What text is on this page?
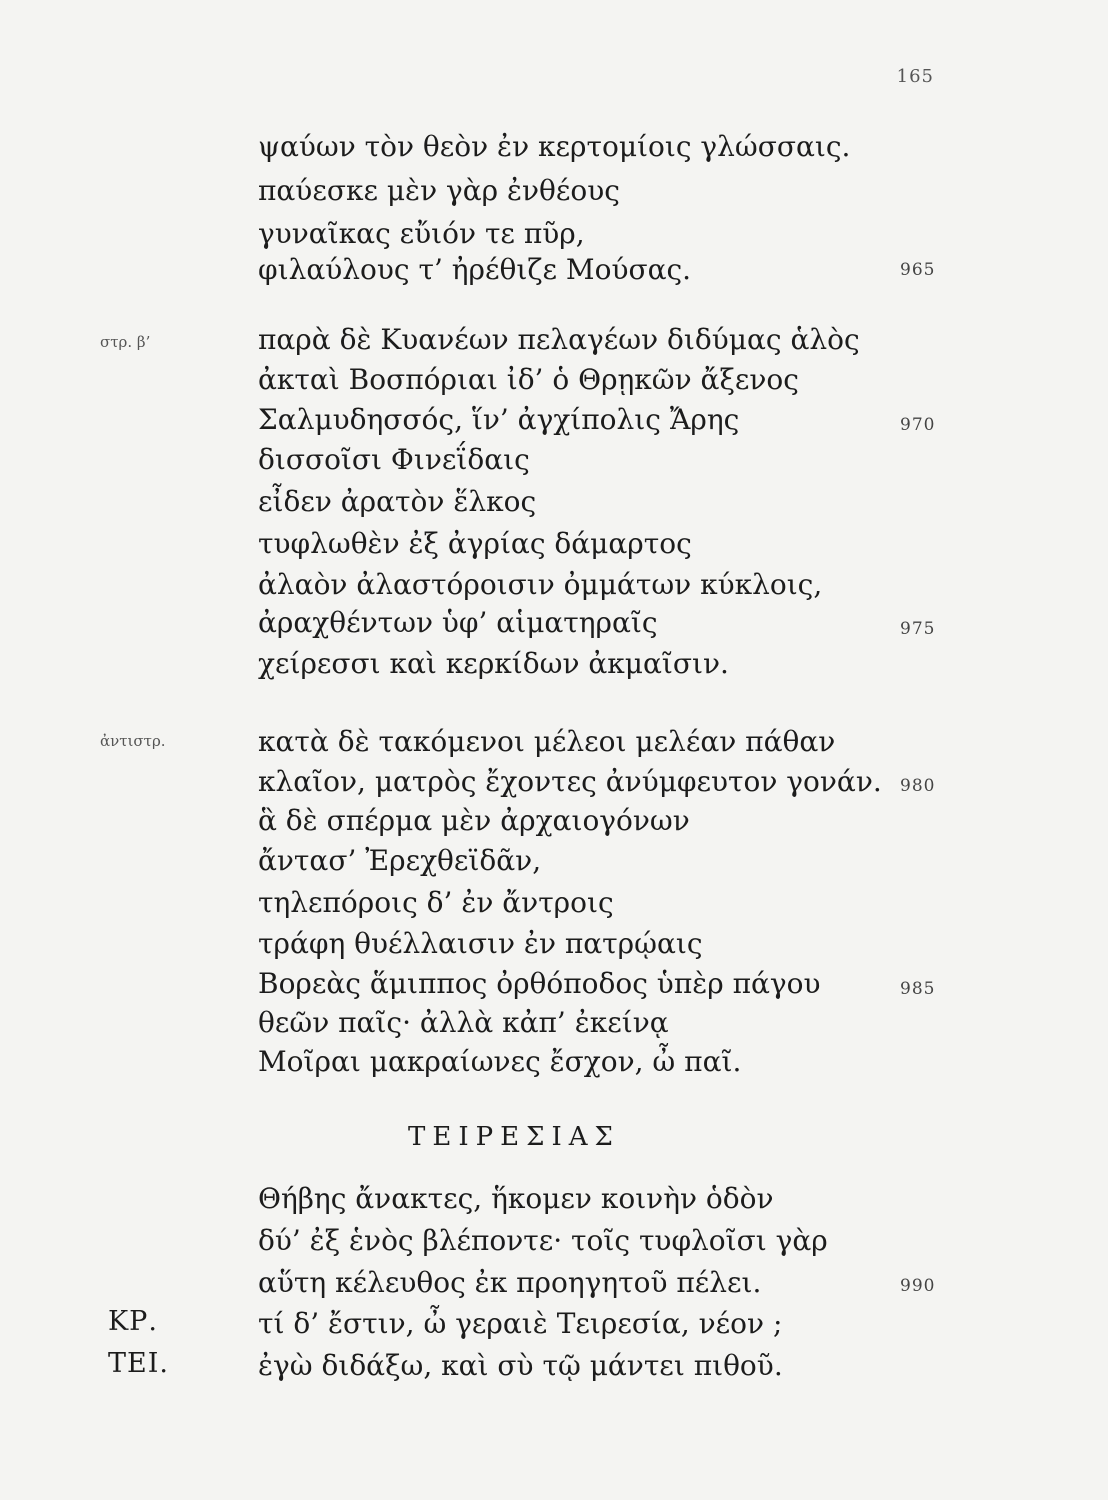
165
ψαύων τὸν θεὸν ἐν κερτομίοις γλώσσαις.
παύεσκε μὲν γὰρ ἐνθέους
γυναῖκας εὔιόν τε πῦρ,
φιλαύλους τ’ ἠρέθιζε Μούσας.	965
στρ. β’	παρὰ δὲ Κυανέων πελαγέων διδύμας ἁλὸς
ἀκταὶ Βοσπόριαι ἰδ’ ὁ Θρῃκῶν ἄξενος
Σαλμυδησσός, ἵν’ ἀγχίπολις Ἄρης	970
δισσοῖσι Φινεΐδαις
εἶδεν ἀρατὸν ἕλκος
τυφλωθὲν ἐξ ἀγρίας δάμαρτος
ἀλαὸν ἀλαστόροισιν ὀμμάτων κύκλοις,
ἀραχθέντων ὑφ’ αἱματηραῖς	975
χείρεσσι καὶ κερκίδων ἀκμαῖσιν.
ἀντιστρ.	κατὰ δὲ τακόμενοι μέλεοι μελέαν πάθαν
κλαῖον, ματρὸς ἔχοντες ἀνύμφευτον γονάν. 980
ἃ δὲ σπέρμα μὲν ἀρχαιογόνων
ἄντασ’ Ἐρεχθεϊδᾶν,
τηλεπόροις δ’ ἐν ἄντροις
τράφη θυέλλαισιν ἐν πατρῴαις
Βορεὰς ἅμιππος ὀρθόποδος ὑπὲρ πάγου	985
θεῶν παῖς· ἀλλὰ κἀπ’ ἐκείνᾳ
Μοῖραι μακραίωνες ἔσχον, ὦ παῖ.
ΤΕΙΡΕΣΙΑΣ
Θήβης ἄνακτες, ἥκομεν κοινὴν ὁδὸν
δύ’ ἐξ ἑνὸς βλέποντε· τοῖς τυφλοῖσι γὰρ
αὕτη κέλευθος ἐκ προηγητοῦ πέλει.	990
ΚΡ.	τί δ’ ἔστιν, ὦ γεραιὲ Τειρεσία, νέον ;
ΤΕΙ.	ἐγὼ διδάξω, καὶ σὺ τῷ μάντει πιθοῦ.
